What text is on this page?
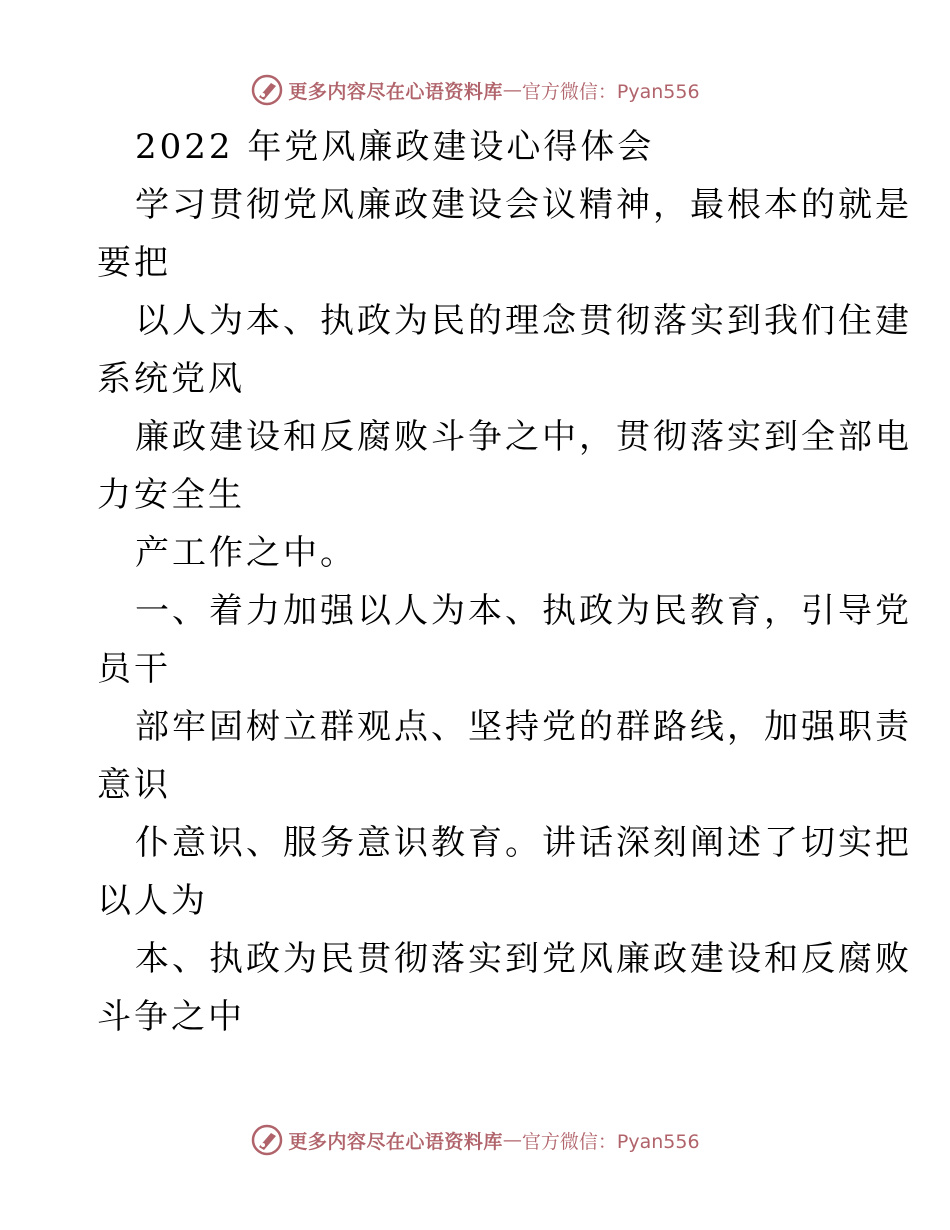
更多内容尽在心语资料库 — 官方微信：Pyan556
2022 年党风廉政建设心得体会
学习贯彻党风廉政建设会议精神，最根本的就是
要把
以人为本、执政为民的理念贯彻落实到我们住建
系统党风
廉政建设和反腐败斗争之中，贯彻落实到全部电
力安全生
产工作之中。
一、着力加强以人为本、执政为民教育，引导党
员干
部牢固树立群观点、坚持党的群路线，加强职责
意识
仆意识、服务意识教育。讲话深刻阐述了切实把
以人为
本、执政为民贯彻落实到党风廉政建设和反腐败
斗争之中
更多内容尽在心语资料库 — 官方微信：Pyan556
